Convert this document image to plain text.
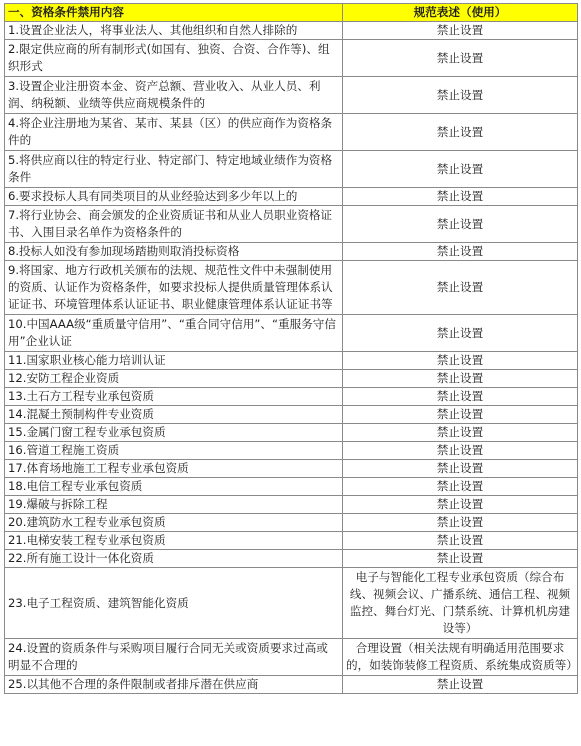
一、资格条件禁用内容	规范表述（使用）
1.设置企业法人，将事业法人、其他组织和自然人排除的	禁止设置
2.限定供应商的所有制形式(如国有、独资、合资、合作等)、组织形式	禁止设置
3.设置企业注册资本金、资产总额、营业收入、从业人员、利润、纳税额、业绩等供应商规模条件的	禁止设置
4.将企业注册地为某省、某市、某县（区）的供应商作为资格条件的	禁止设置
5.将供应商以往的特定行业、特定部门、特定地域业绩作为资格条件	禁止设置
6.要求投标人具有同类项目的从业经验达到多少年以上的	禁止设置
7.将行业协会、商会颁发的企业资质证书和从业人员职业资格证书、入围目录名单作为资格条件的	禁止设置
8.投标人如没有参加现场踏勘则取消投标资格	禁止设置
9.将国家、地方行政机关颁布的法规、规范性文件中未强制使用的资质、认证作为资格条件，如要求投标人提供质量管理体系认证证书、环境管理体系认证证书、职业健康管理体系认证证书等	禁止设置
10.中国AAA级“重质量守信用”、“重合同守信用”、“重服务守信用”企业认证	禁止设置
11.国家职业核心能力培训认证	禁止设置
12.安防工程企业资质	禁止设置
13.土石方工程专业承包资质	禁止设置
14.混凝土预制构件专业资质	禁止设置
15.金属门窗工程专业承包资质	禁止设置
16.管道工程施工资质	禁止设置
17.体育场地施工工程专业承包资质	禁止设置
18.电信工程专业承包资质	禁止设置
19.爆破与拆除工程	禁止设置
20.建筑防水工程专业承包资质	禁止设置
21.电梯安装工程专业承包资质	禁止设置
22.所有施工设计一体化资质	禁止设置
23.电子工程资质、建筑智能化资质	电子与智能化工程专业承包资质（综合布线、视频会议、广播系统、通信工程、视频监控、舞台灯光、门禁系统、计算机机房建设等）
24.设置的资质条件与采购项目履行合同无关或资质要求过高或明显不合理的	合理设置（相关法规有明确适用范围要求的，如装饰装修工程资质、系统集成资质等）
25.以其他不合理的条件限制或者排斥潜在供应商	禁止设置
